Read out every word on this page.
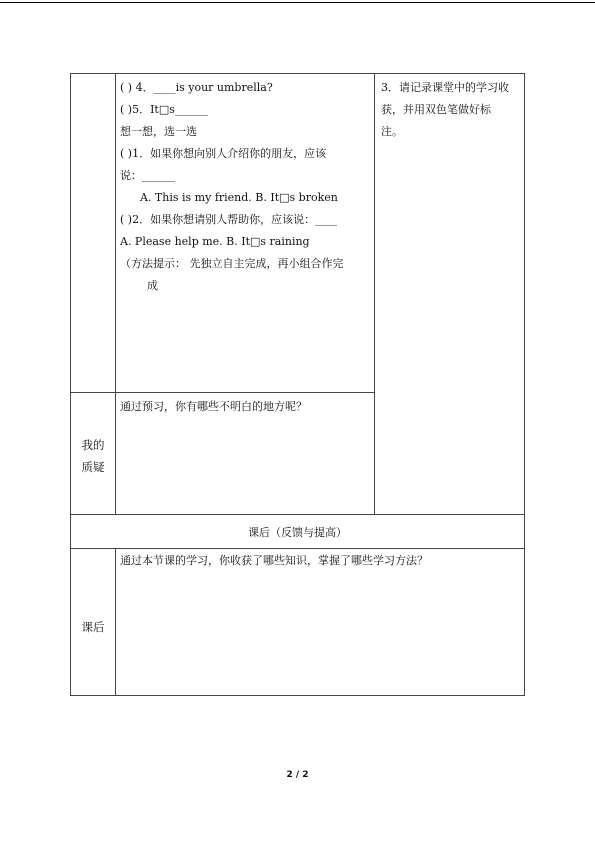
( ) 4．____is your umbrella?
( )5．It□s______
想一想，选一选
( )1．如果你想向别人介绍你的朋友，应该
说：______
A. This is my friend. B. It□s broken
( )2．如果你想请别人帮助你，应该说：____
A. Please help me. B. It□s raining
（方法提示： 先独立自主完成，再小组合作完
成
3．请记录课堂中的学习收
获，并用双色笔做好标
注。
我的
质疑
通过预习，你有哪些不明白的地方呢？
课后（反馈与提高）
课后
通过本节课的学习，你收获了哪些知识，掌握了哪些学习方法？
2 / 2
